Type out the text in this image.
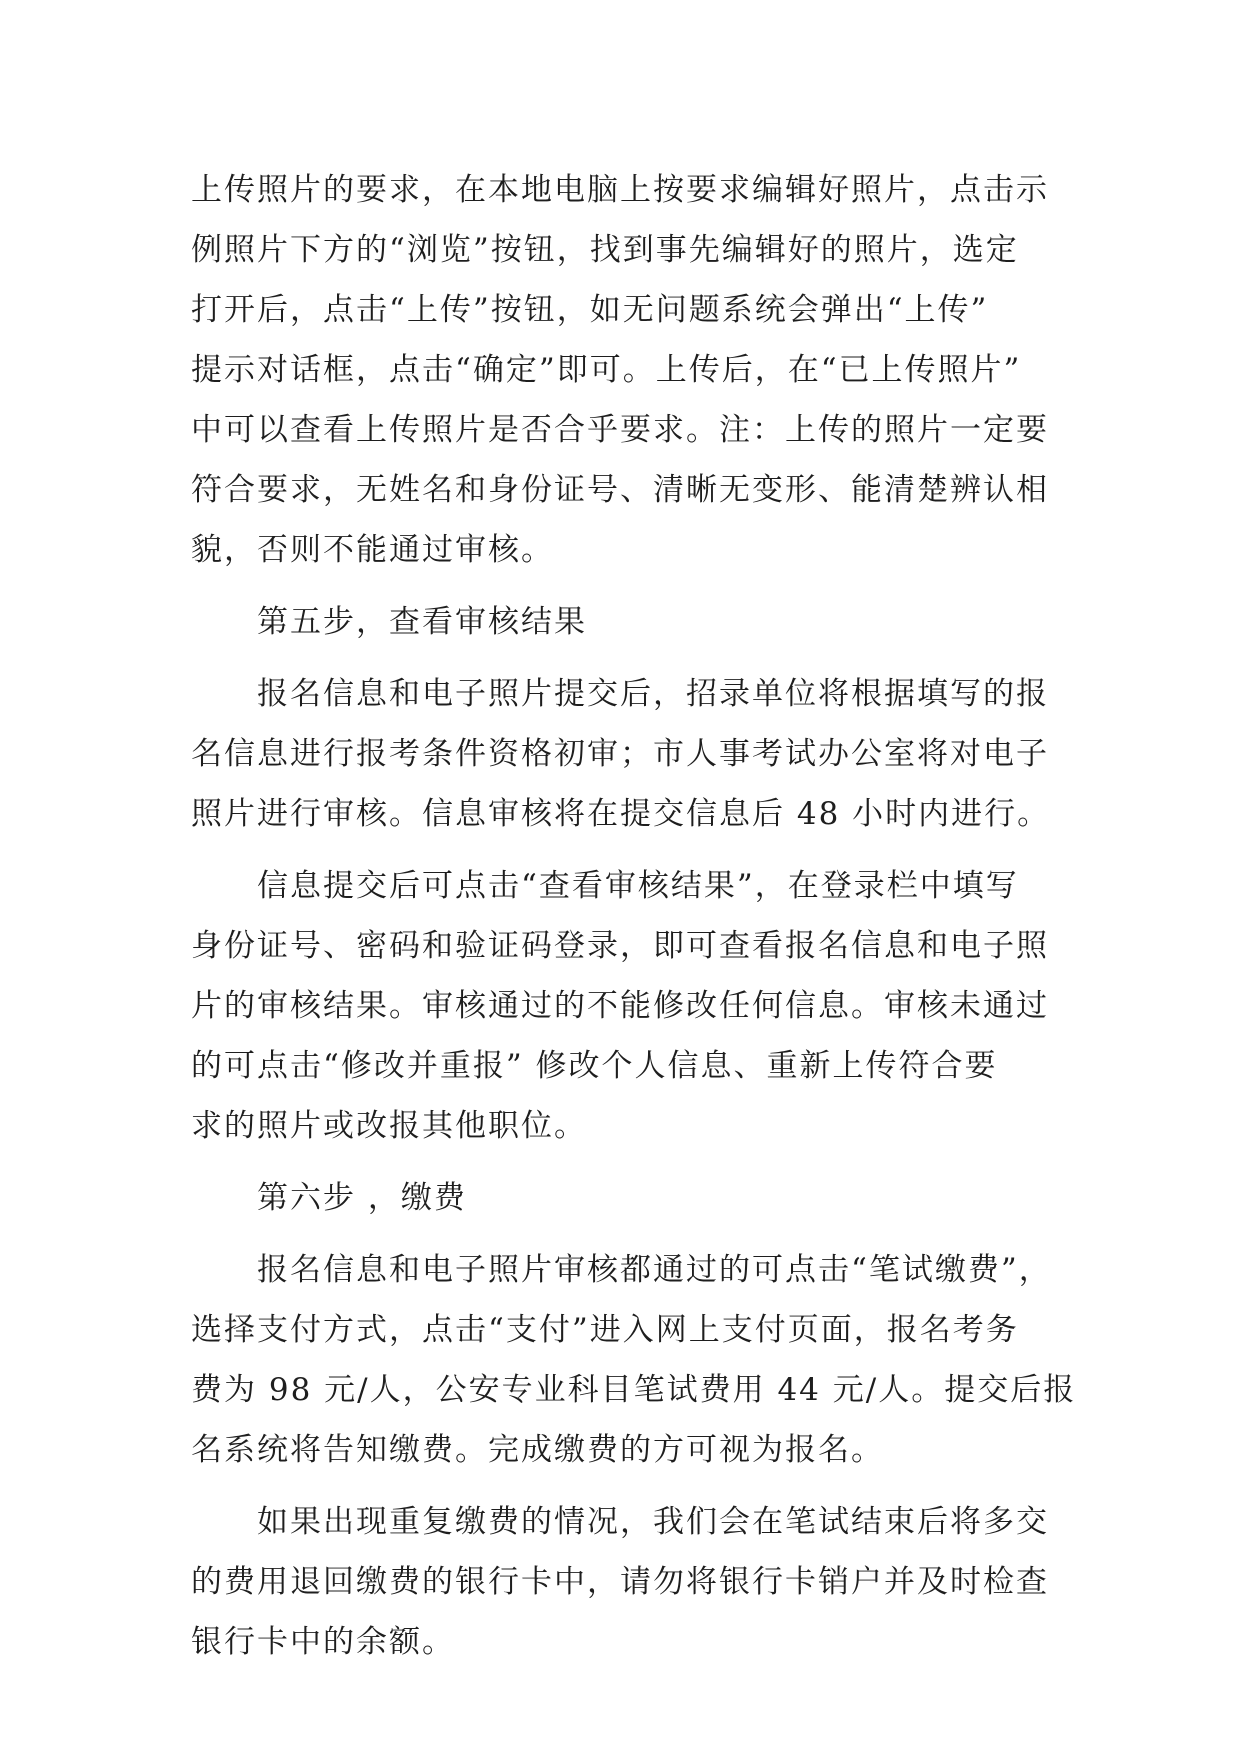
上传照片的要求，在本地电脑上按要求编辑好照片，点击示
例照片下方的“浏览”按钮，找到事先编辑好的照片，选定
打开后，点击“上传”按钮，如无问题系统会弹出“上传”
提示对话框，点击“确定”即可。上传后，在“已上传照片”
中可以查看上传照片是否合乎要求。注：上传的照片一定要
符合要求，无姓名和身份证号、清晰无变形、能清楚辨认相
貌，否则不能通过审核。
第五步，查看审核结果
报名信息和电子照片提交后，招录单位将根据填写的报
名信息进行报考条件资格初审；市人事考试办公室将对电子
照片进行审核。信息审核将在提交信息后 48 小时内进行。
信息提交后可点击“查看审核结果”，在登录栏中填写
身份证号、密码和验证码登录，即可查看报名信息和电子照
片的审核结果。审核通过的不能修改任何信息。审核未通过
的可点击“修改并重报” 修改个人信息、重新上传符合要
求的照片或改报其他职位。
第六步 ，缴费
报名信息和电子照片审核都通过的可点击“笔试缴费”，
选择支付方式，点击“支付”进入网上支付页面，报名考务
费为 98 元/人，公安专业科目笔试费用 44 元/人。提交后报
名系统将告知缴费。完成缴费的方可视为报名。
如果出现重复缴费的情况，我们会在笔试结束后将多交
的费用退回缴费的银行卡中，请勿将银行卡销户并及时检查
银行卡中的余额。
